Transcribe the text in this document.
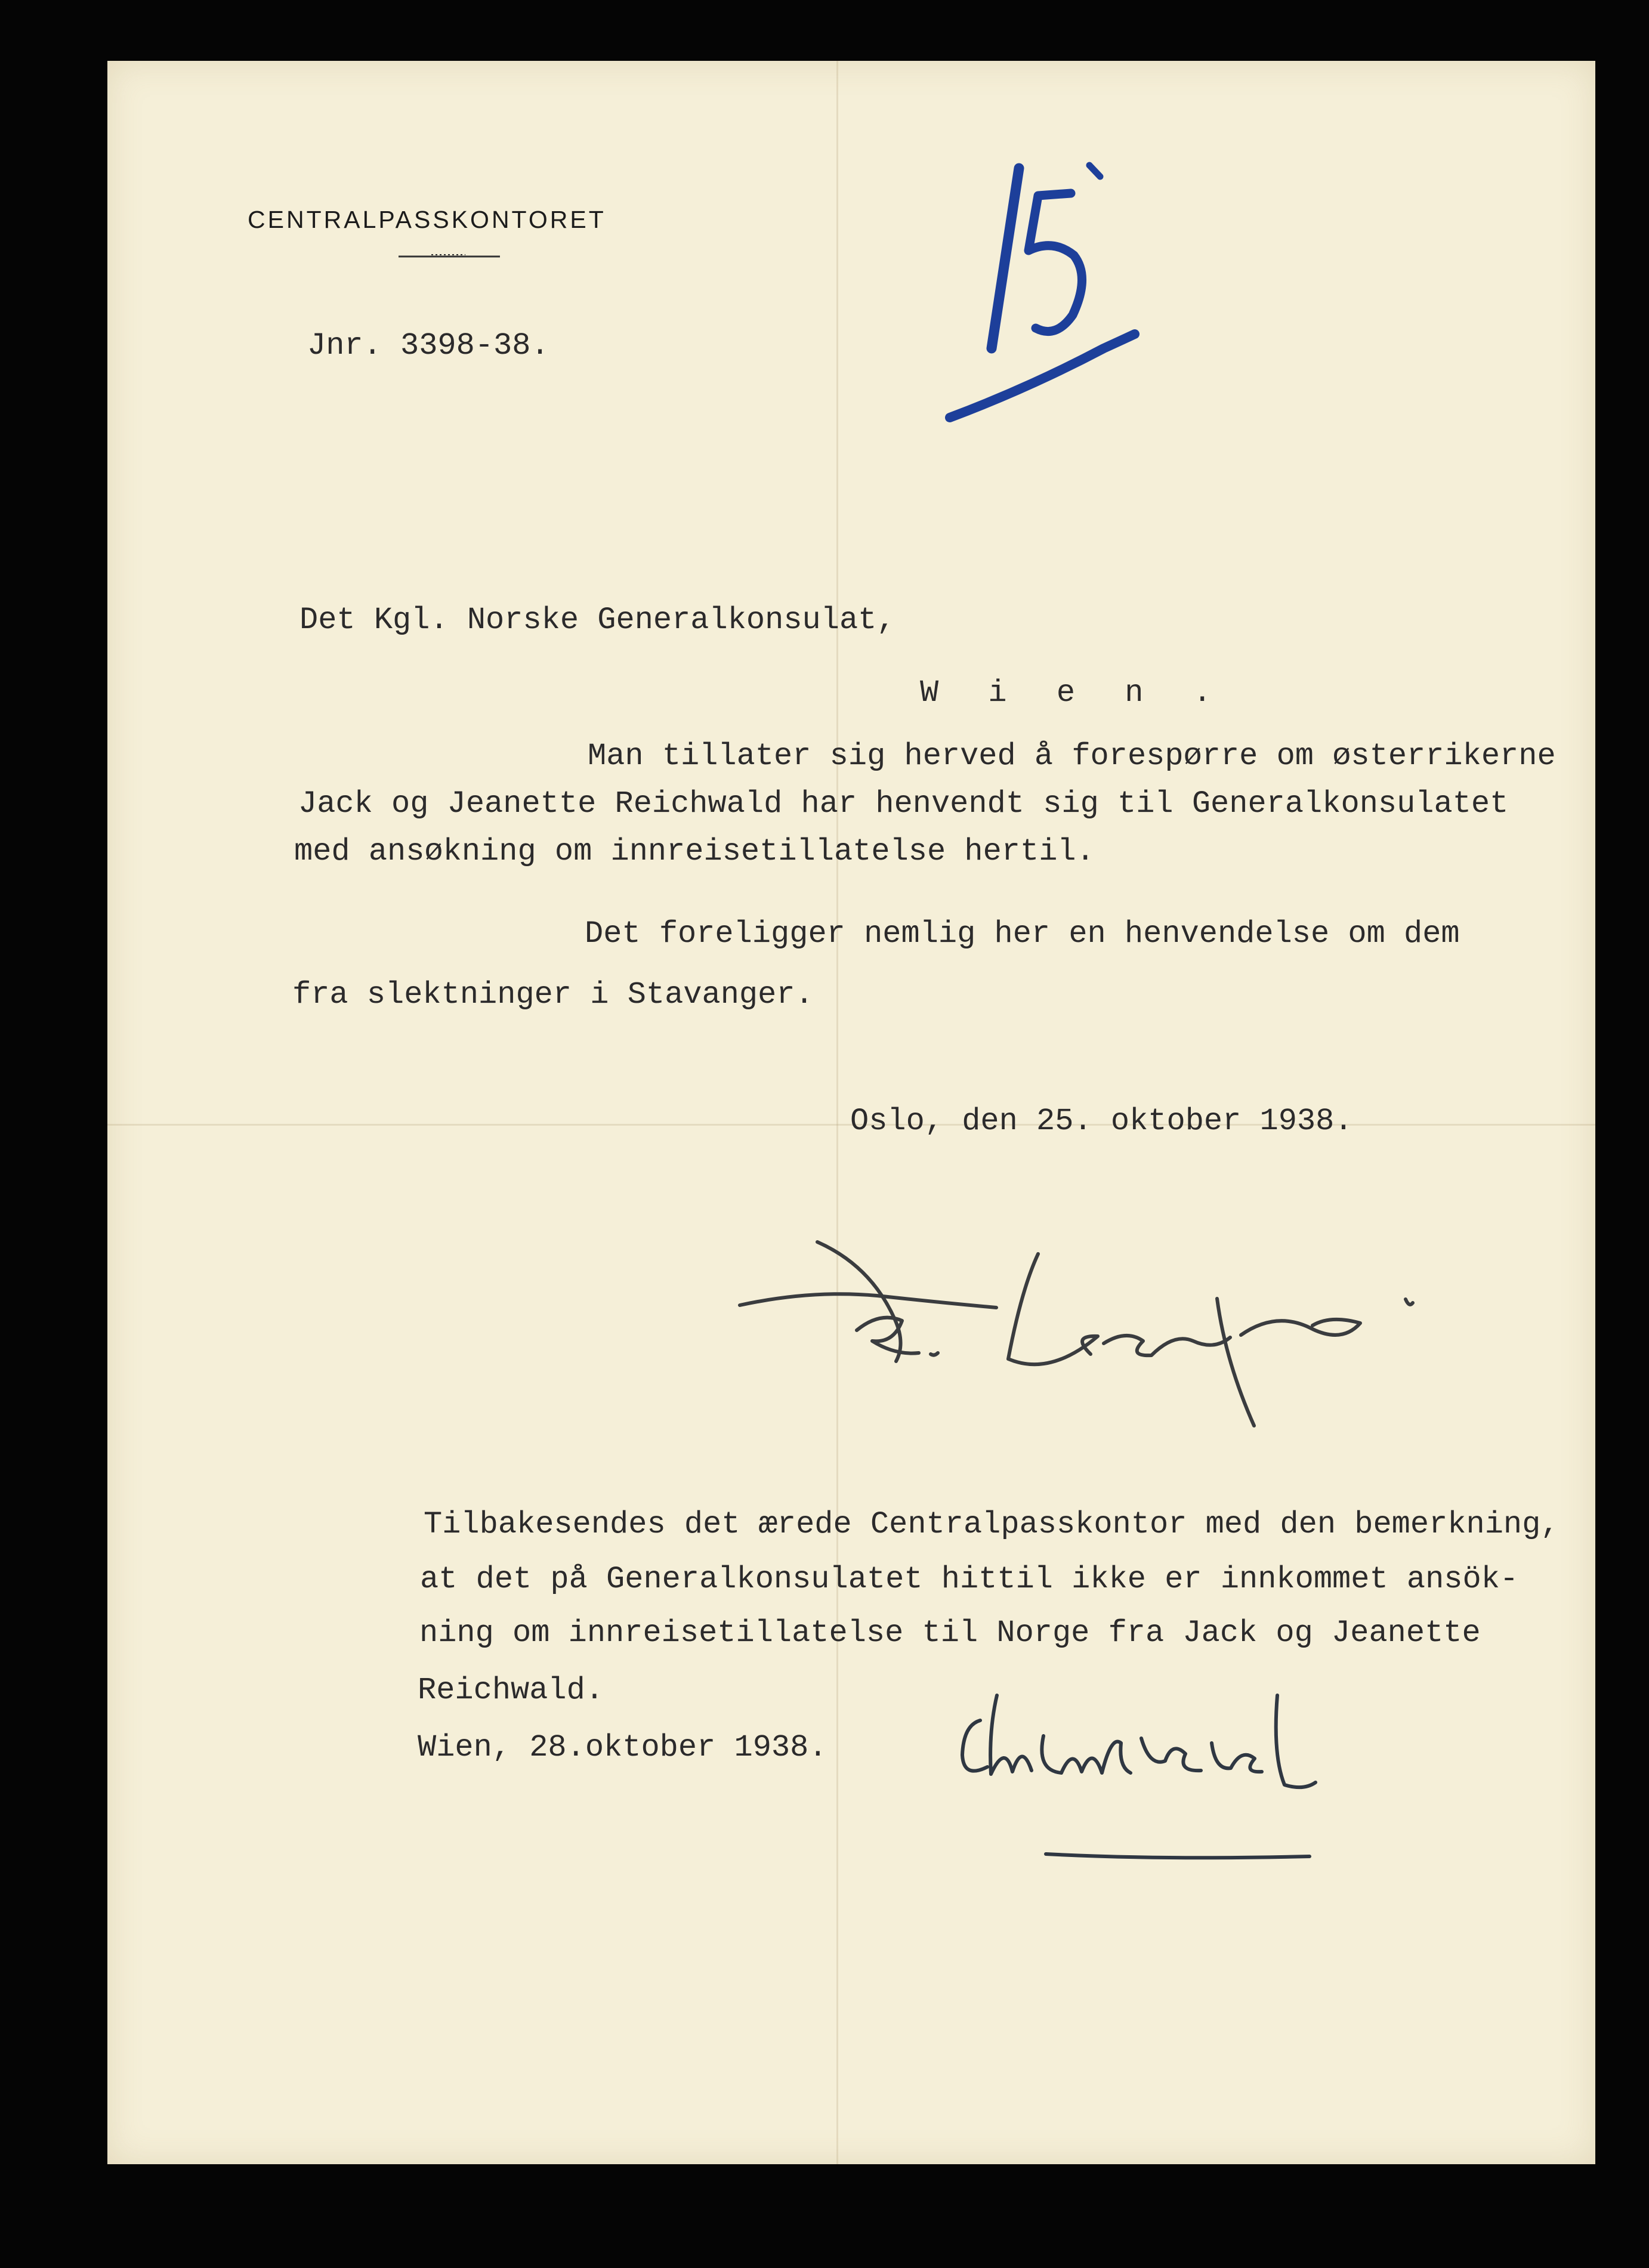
CENTRALPASSKONTORET

Jnr. 3398-38.

Det Kgl. Norske Generalkonsulat,

W i e n .

Man tillater sig herved å forespørre om østerrikerne

Jack og Jeanette Reichwald har henvendt sig til Generalkonsulatet

med ansøkning om innreisetillatelse hertil.

Det foreligger nemlig her en henvendelse om dem

fra slektninger i Stavanger.

Oslo, den 25. oktober 1938.

Tilbakesendes det ærede Centralpasskontor med den bemerkning,

at det på Generalkonsulatet hittil ikke er innkommet ansök-

ning om innreisetillatelse til Norge fra Jack og Jeanette

Reichwald.

Wien, 28.oktober 1938.
